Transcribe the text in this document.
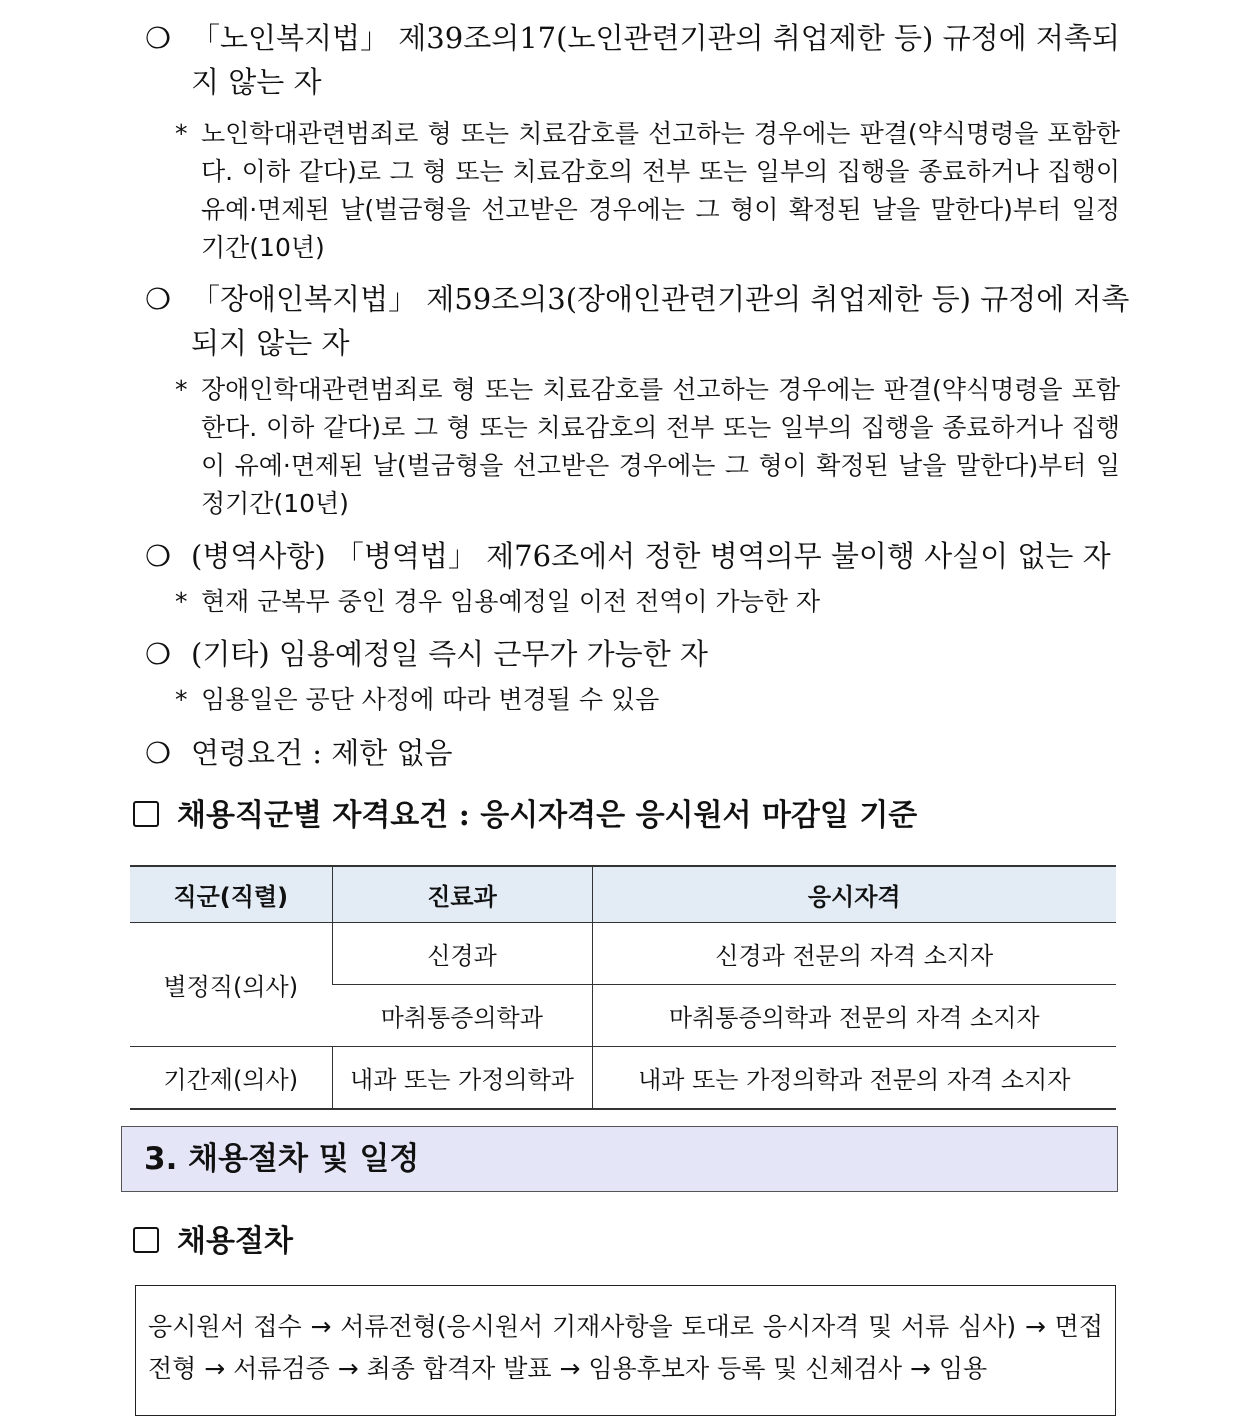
❍ 「노인복지법」 제39조의17(노인관련기관의 취업제한 등) 규정에 저촉되지 않는 자
* 노인학대관련범죄로 형 또는 치료감호를 선고하는 경우에는 판결(약식명령을 포함한다. 이하 같다)로 그 형 또는 치료감호의 전부 또는 일부의 집행을 종료하거나 집행이 유예·면제된 날(벌금형을 선고받은 경우에는 그 형이 확정된 날을 말한다)부터 일정기간(10년)
❍ 「장애인복지법」 제59조의3(장애인관련기관의 취업제한 등) 규정에 저촉되지 않는 자
* 장애인학대관련범죄로 형 또는 치료감호를 선고하는 경우에는 판결(약식명령을 포함한다. 이하 같다)로 그 형 또는 치료감호의 전부 또는 일부의 집행을 종료하거나 집행이 유예·면제된 날(벌금형을 선고받은 경우에는 그 형이 확정된 날을 말한다)부터 일정기간(10년)
❍ (병역사항) 「병역법」 제76조에서 정한 병역의무 불이행 사실이 없는 자
* 현재 군복무 중인 경우 임용예정일 이전 전역이 가능한 자
❍ (기타) 임용예정일 즉시 근무가 가능한 자
* 임용일은 공단 사정에 따라 변경될 수 있음
❍ 연령요건 : 제한 없음
채용직군별 자격요건 : 응시자격은 응시원서 마감일 기준
직군(직렬)	진료과	응시자격
별정직(의사)	신경과	신경과 전문의 자격 소지자
	마취통증의학과	마취통증의학과 전문의 자격 소지자
기간제(의사)	내과 또는 가정의학과	내과 또는 가정의학과 전문의 자격 소지자
3. 채용절차 및 일정
채용절차
응시원서 접수 → 서류전형(응시원서 기재사항을 토대로 응시자격 및 서류 심사) → 면접전형 → 서류검증 → 최종 합격자 발표 → 임용후보자 등록 및 신체검사 → 임용
